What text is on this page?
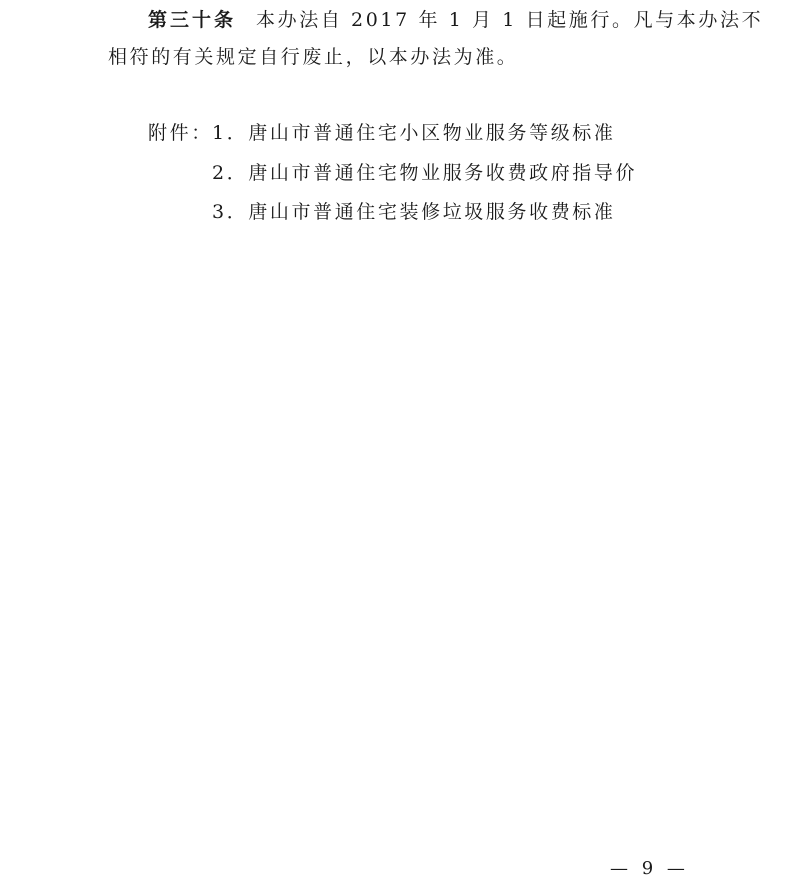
第三十条 本办法自 2017 年 1 月 1 日起施行。凡与本办法不
相符的有关规定自行废止，以本办法为准。
附件： 1．唐山市普通住宅小区物业服务等级标准
2．唐山市普通住宅物业服务收费政府指导价
3．唐山市普通住宅装修垃圾服务收费标准
— 9 —
